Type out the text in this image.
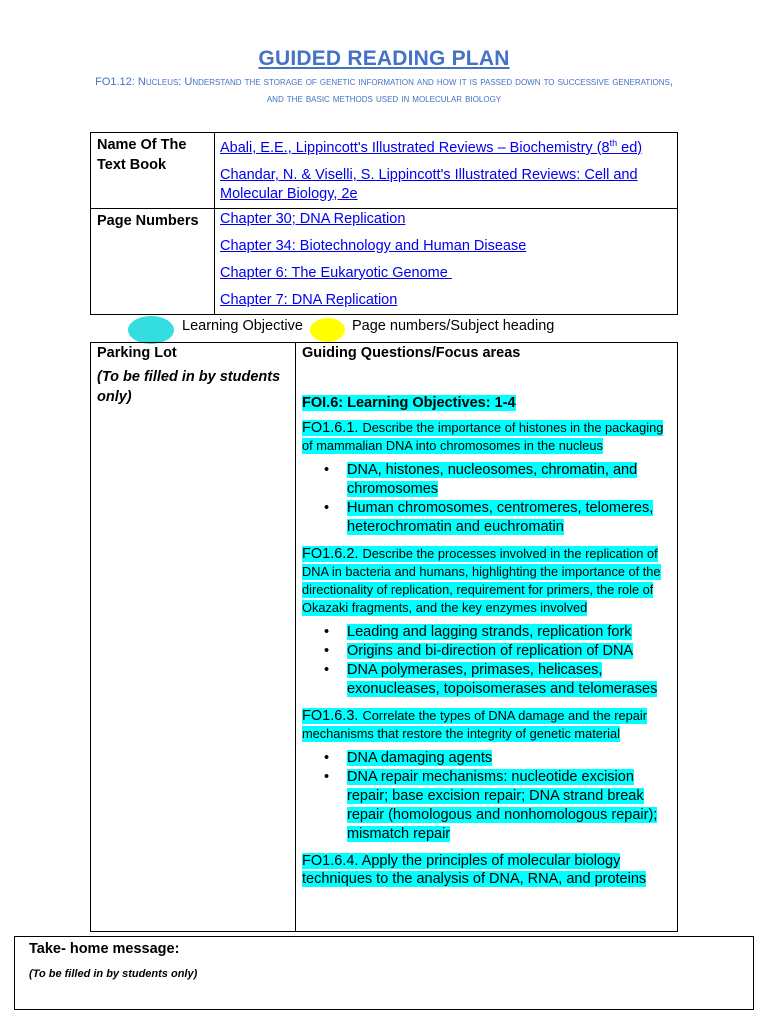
GUIDED READING PLAN
FO1.12: Nucleus: Understand the storage of genetic information and how it is passed down to successive generations, and the basic methods used in molecular biology
Name Of The Text Book	Abali, E.E., Lippincott's Illustrated Reviews – Biochemistry (8th ed)
Chandar, N. & Viselli, S. Lippincott's Illustrated Reviews: Cell and Molecular Biology, 2e

Page Numbers	Chapter 30; DNA Replication
Chapter 34: Biotechnology and Human Disease
Chapter 6: The Eukaryotic Genome
Chapter 7: DNA Replication
Learning Objective	Page numbers/Subject heading
Parking Lot
(To be filled in by students only)

Guiding Questions/Focus areas
FOI.6: Learning Objectives: 1-4
FO1.6.1. Describe the importance of histones in the packaging of mammalian DNA into chromosomes in the nucleus
• DNA, histones, nucleosomes, chromatin, and chromosomes
• Human chromosomes, centromeres, telomeres, heterochromatin and euchromatin
FO1.6.2. Describe the processes involved in the replication of DNA in bacteria and humans, highlighting the importance of the directionality of replication, requirement for primers, the role of Okazaki fragments, and the key enzymes involved
• Leading and lagging strands, replication fork
• Origins and bi-direction of replication of DNA
• DNA polymerases, primases, helicases, exonucleases, topoisomerases and telomerases
FO1.6.3. Correlate the types of DNA damage and the repair mechanisms that restore the integrity of genetic material
• DNA damaging agents
• DNA repair mechanisms: nucleotide excision repair; base excision repair; DNA strand break repair (homologous and nonhomologous repair); mismatch repair
FO1.6.4. Apply the principles of molecular biology techniques to the analysis of DNA, RNA, and proteins
Take- home message:
(To be filled in by students only)
